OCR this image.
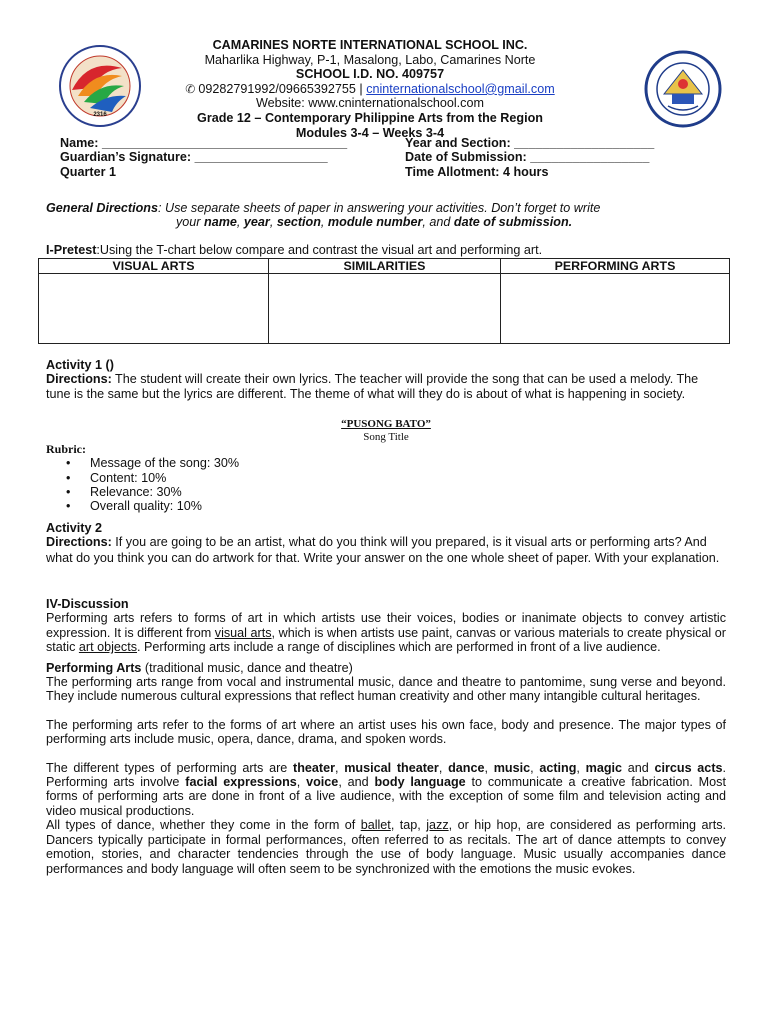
2316
CAMARINES NORTE INTERNATIONAL SCHOOL INC.
Maharlika Highway, P-1, Masalong, Labo, Camarines Norte
SCHOOL I.D. NO. 409757
✆ 09282791992/09665392755 | cninternationalschool@gmail.com
Website: www.cninternationalschool.com
Grade 12 – Contemporary Philippine Arts from the Region
Modules 3-4 – Weeks 3-4
Name: ___________________________________	Year and Section: ____________________
Guardian’s Signature: ___________________	Date of Submission: _________________
Quarter 1	Time Allotment: 4 hours
General Directions: Use separate sheets of paper in answering your activities. Don’t forget to write
your name, year, section, module number, and date of submission.
I-Pretest:Using the T-chart below compare and contrast the visual art and performing art.
VISUAL ARTS	SIMILARITIES	PERFORMING ARTS

Activity 1 ()

Directions: The student will create their own lyrics. The teacher will provide the song that can be used a melody. The tune is the same but the lyrics are different. The theme of what will they do is about of what is happening in society.

“PUSONG BATO”
Song Title
Rubric:
• Message of the song: 30%
• Content: 10%
• Relevance: 30%
• Overall quality: 10%
Activity 2

Directions: If you are going to be an artist, what do you think will you prepared, is it visual arts or performing arts? And what do you think you can do artwork for that. Write your answer on the one whole sheet of paper. With your explanation.

IV-Discussion

Performing arts refers to forms of art in which artists use their voices, bodies or inanimate objects to convey artistic expression. It is different from visual arts, which is when artists use paint, canvas or various materials to create physical or static art objects. Performing arts include a range of disciplines which are performed in front of a live audience.

Performing Arts (traditional music, dance and theatre)

The performing arts range from vocal and instrumental music, dance and theatre to pantomime, sung verse and beyond. They include numerous cultural expressions that reflect human creativity and other many intangible cultural heritages.

The performing arts refer to the forms of art where an artist uses his own face, body and presence. The major types of performing arts include music, opera, dance, drama, and spoken words.

The different types of performing arts are theater, musical theater, dance, music, acting, magic and circus acts. Performing arts involve facial expressions, voice, and body language to communicate a creative fabrication. Most forms of performing arts are done in front of a live audience, with the exception of some film and television acting and video musical productions.

All types of dance, whether they come in the form of ballet, tap, jazz, or hip hop, are considered as performing arts. Dancers typically participate in formal performances, often referred to as recitals. The art of dance attempts to convey emotion, stories, and character tendencies through the use of body language. Music usually accompanies dance performances and body language will often seem to be synchronized with the emotions the music evokes.
